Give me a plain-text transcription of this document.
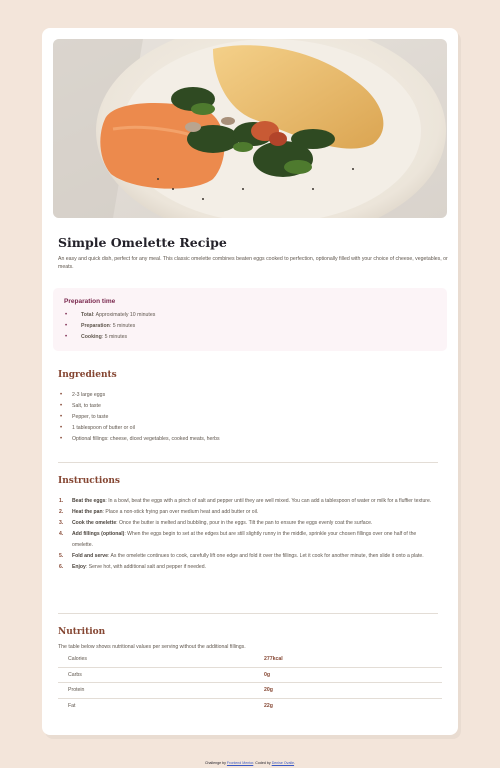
Simple Omelette Recipe

An easy and quick dish, perfect for any meal. This classic omelette combines beaten eggs cooked to perfection, optionally filled with your choice of cheese, vegetables, or meats.

Preparation time
• Total: Approximately 10 minutes
• Preparation: 5 minutes
• Cooking: 5 minutes
Ingredients
• 2-3 large eggs
• Salt, to taste
• Pepper, to taste
• 1 tablespoon of butter or oil
• Optional fillings: cheese, diced vegetables, cooked meats, herbs
Instructions
1. Beat the eggs: In a bowl, beat the eggs with a pinch of salt and pepper until they are well mixed. You can add a tablespoon of water or milk for a fluffier texture.
2. Heat the pan: Place a non-stick frying pan over medium heat and add butter or oil.
3. Cook the omelette: Once the butter is melted and bubbling, pour in the eggs. Tilt the pan to ensure the eggs evenly coat the surface.
4. Add fillings (optional): When the eggs begin to set at the edges but are still slightly runny in the middle, sprinkle your chosen fillings over one half of the omelette.
5. Fold and serve: As the omelette continues to cook, carefully lift one edge and fold it over the fillings. Let it cook for another minute, then slide it onto a plate.
6. Enjoy: Serve hot, with additional salt and pepper if needed.
Nutrition

The table below shows nutritional values per serving without the additional fillings.

Calories	277kcal
Carbs	0g
Protein	20g
Fat	22g
Challenge by Frontend Mentor. Coded by Denise Ovalle.
